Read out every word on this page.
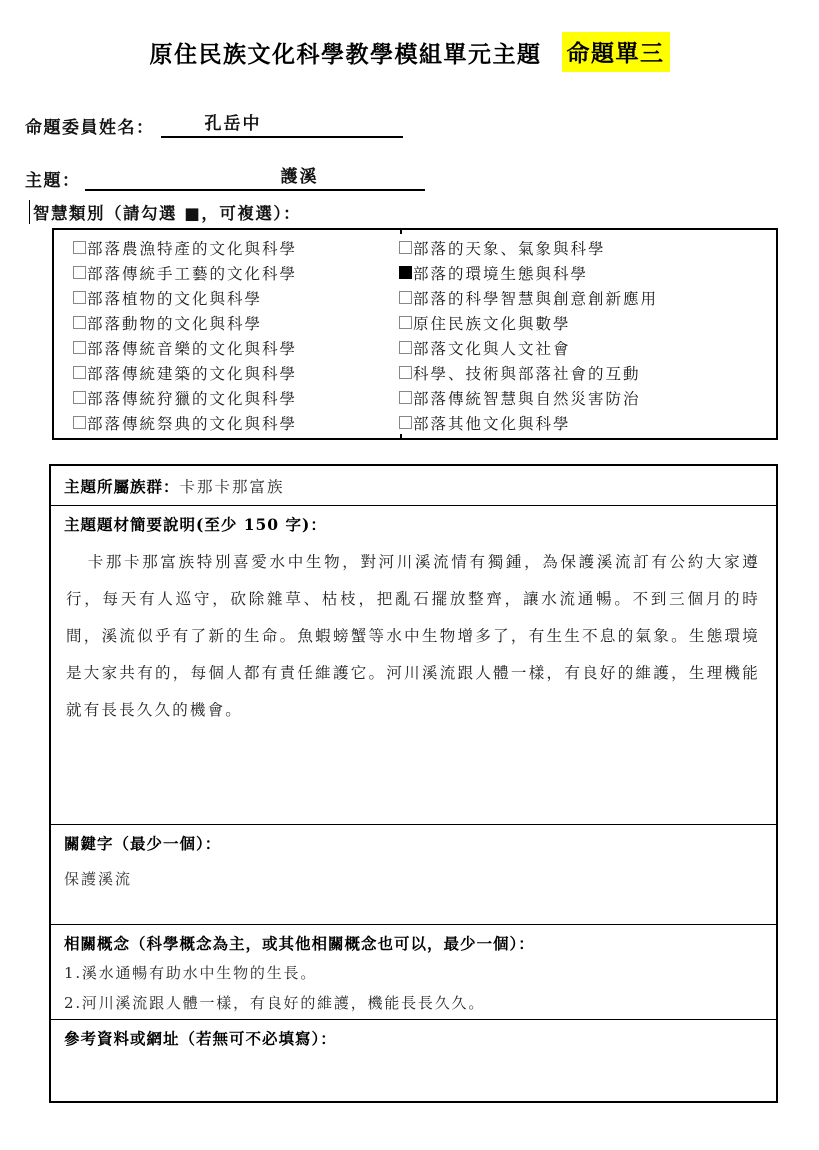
原住民族文化科學教學模組單元主題 命題單三
命題委員姓名：	孔岳中
主題：	護溪
智慧類別（請勾選 ■，可複選）：
部落農漁特產的文化與科學
部落傳統手工藝的文化科學
部落植物的文化與科學
部落動物的文化與科學
部落傳統音樂的文化與科學
部落傳統建築的文化與科學
部落傳統狩獵的文化與科學
部落傳統祭典的文化與科學
部落的天象、氣象與科學
部落的環境生態與科學
部落的科學智慧與創意創新應用
原住民族文化與數學
部落文化與人文社會
科學、技術與部落社會的互動
部落傳統智慧與自然災害防治
部落其他文化與科學
主題所屬族群：卡那卡那富族
主題題材簡要說明(至少 150 字)：
卡那卡那富族特別喜愛水中生物，對河川溪流情有獨鍾，為保護溪流訂有公約大家遵行，每天有人巡守，砍除雜草、枯枝，把亂石擺放整齊，讓水流通暢。不到三個月的時間，溪流似乎有了新的生命。魚蝦螃蟹等水中生物增多了，有生生不息的氣象。生態環境是大家共有的，每個人都有責任維護它。河川溪流跟人體一樣，有良好的維護，生理機能就有長長久久的機會。
關鍵字（最少一個）：
保護溪流
相關概念（科學概念為主，或其他相關概念也可以，最少一個）：
1.溪水通暢有助水中生物的生長。
2.河川溪流跟人體一樣，有良好的維護，機能長長久久。
參考資料或網址（若無可不必填寫）：
